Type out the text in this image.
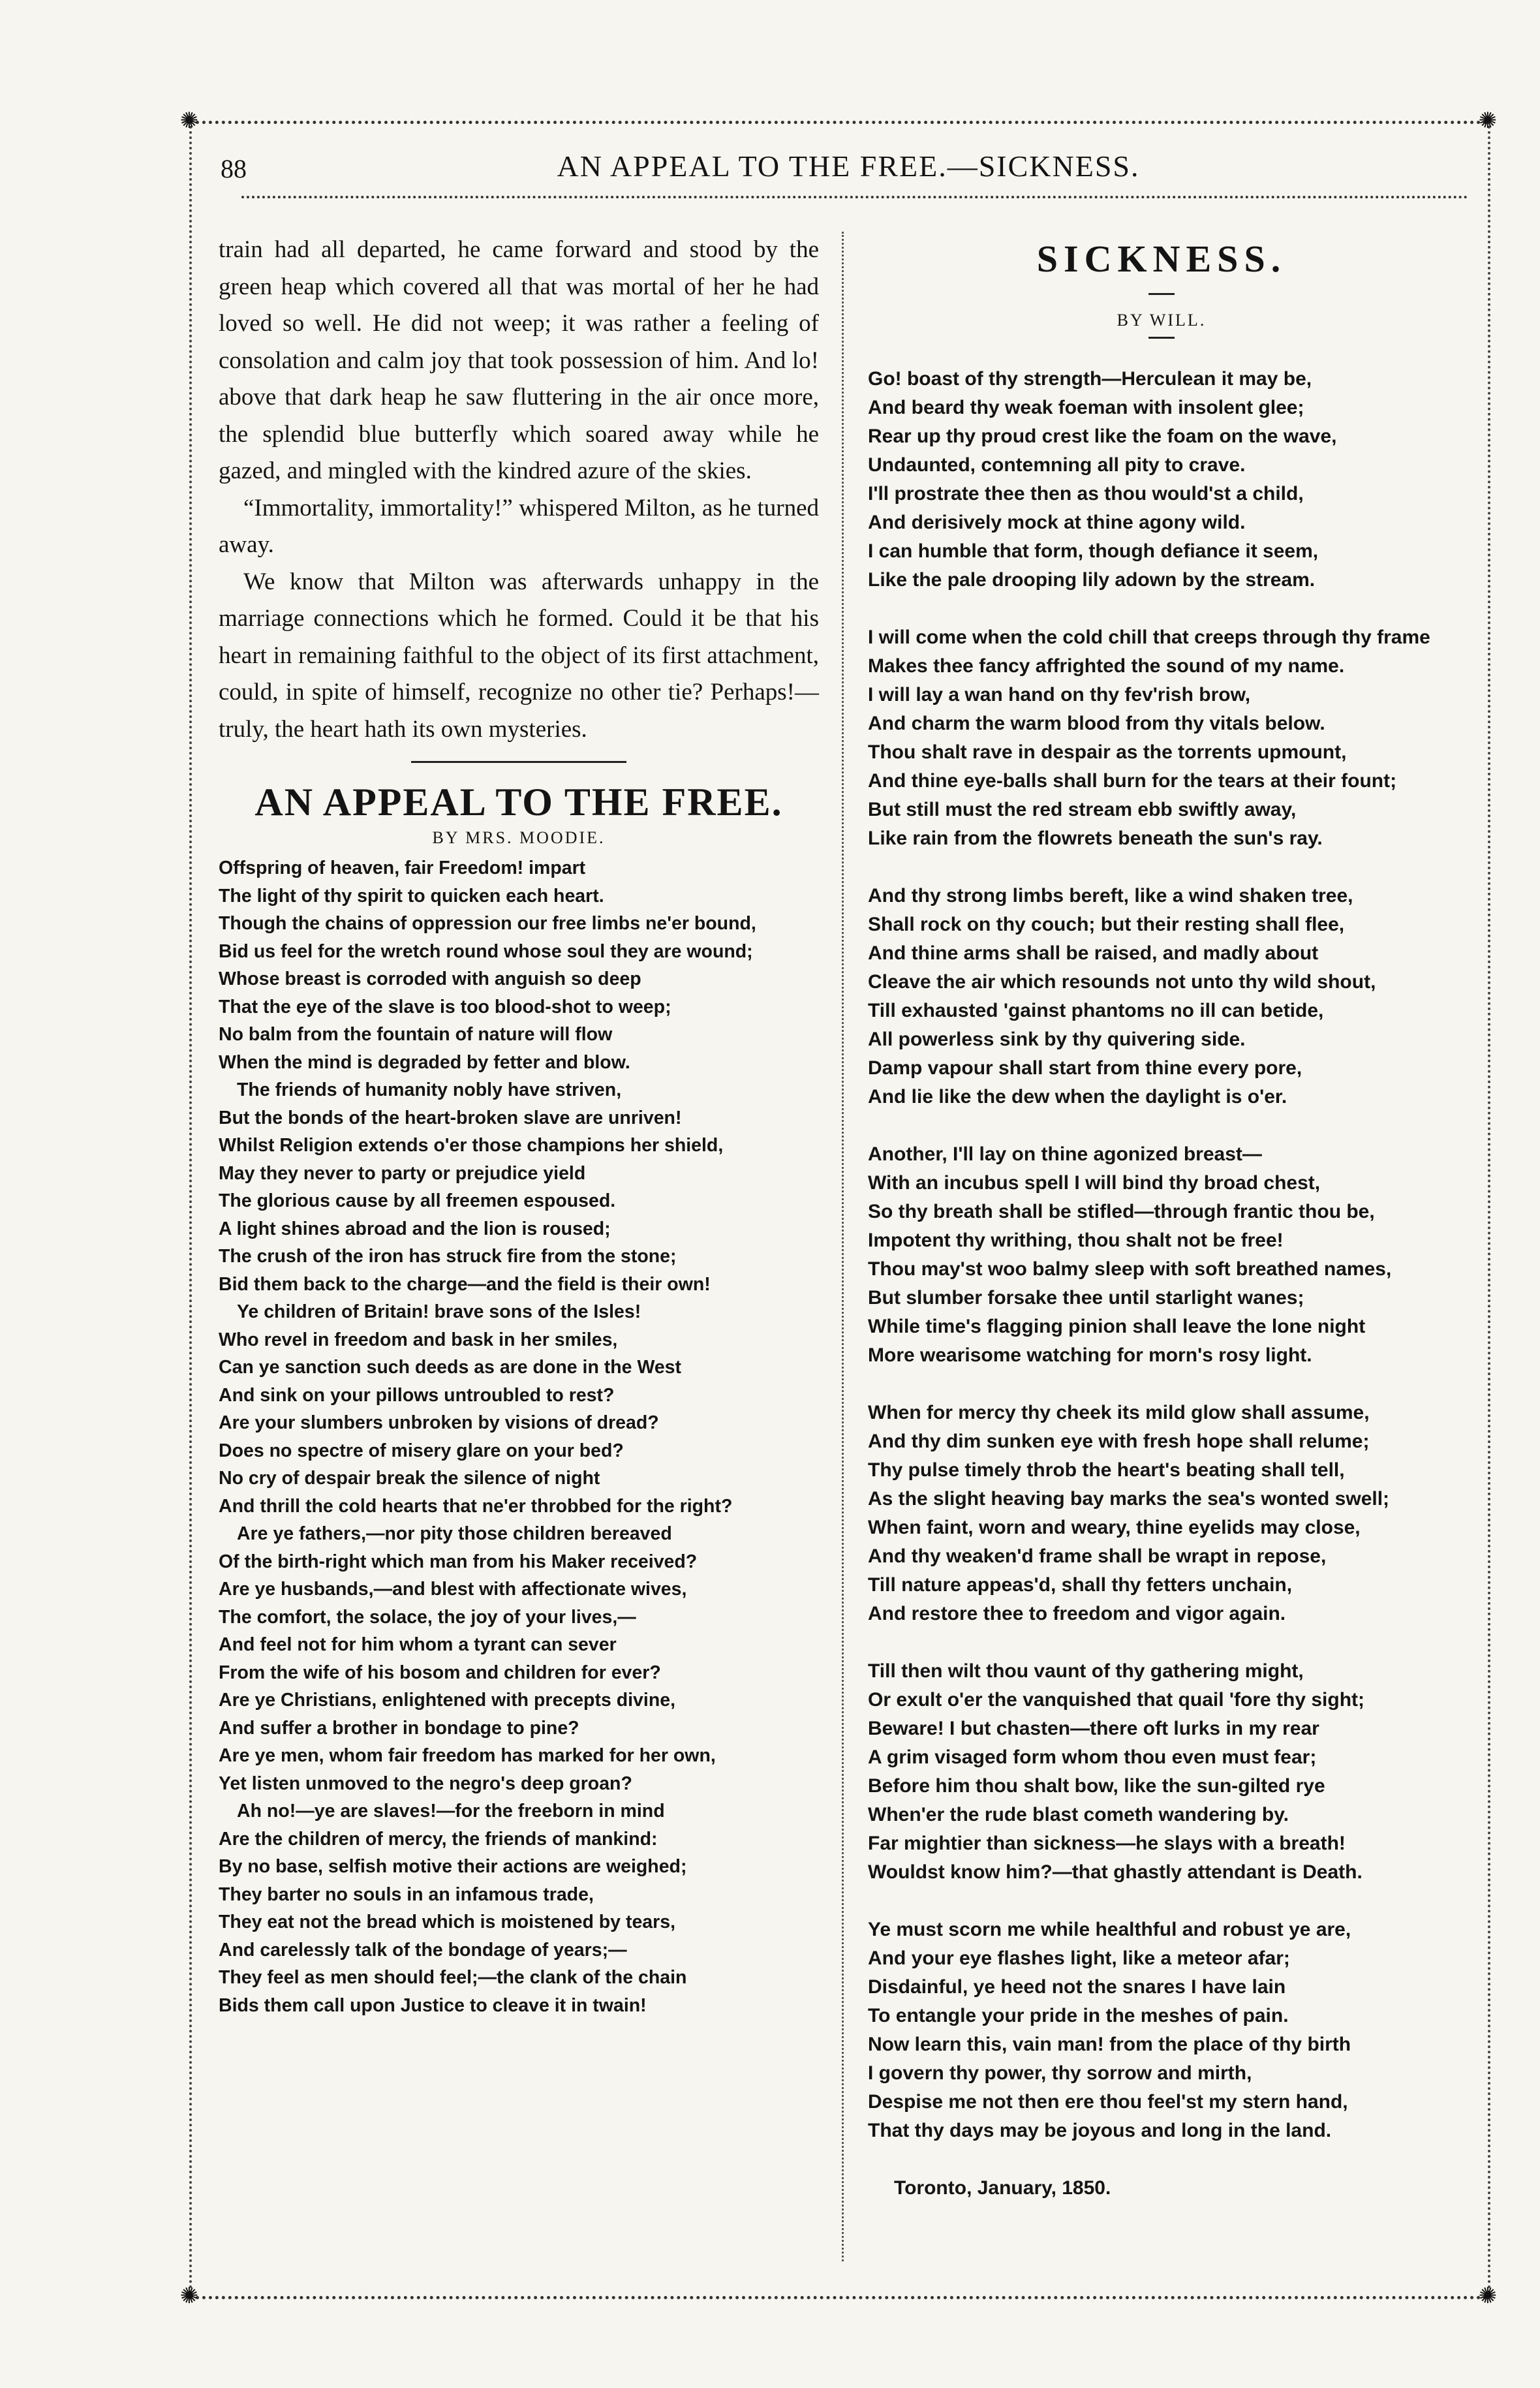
✺	✺
✺	✺
88	AN APPEAL TO THE FREE.—SICKNESS.

train had all departed, he came forward and stood by the green heap which covered all that was mortal of her he had loved so well. He did not weep; it was rather a feeling of consolation and calm joy that took possession of him. And lo! above that dark heap he saw fluttering in the air once more, the splendid blue butterfly which soared away while he gazed, and mingled with the kindred azure of the skies.

“Immortality, immortality!” whispered Milton, as he turned away.

We know that Milton was afterwards unhappy in the marriage connections which he formed. Could it be that his heart in remaining faithful to the object of its first attachment, could, in spite of himself, recognize no other tie? Perhaps!—truly, the heart hath its own mysteries.

AN APPEAL TO THE FREE.
BY MRS. MOODIE.
Offspring of heaven, fair Freedom! impart
The light of thy spirit to quicken each heart.
Though the chains of oppression our free limbs ne'er bound,
Bid us feel for the wretch round whose soul they are wound;
Whose breast is corroded with anguish so deep
That the eye of the slave is too blood-shot to weep;
No balm from the fountain of nature will flow
When the mind is degraded by fetter and blow.
The friends of humanity nobly have striven,
But the bonds of the heart-broken slave are unriven!
Whilst Religion extends o'er those champions her shield,
May they never to party or prejudice yield
The glorious cause by all freemen espoused.
A light shines abroad and the lion is roused;
The crush of the iron has struck fire from the stone;
Bid them back to the charge—and the field is their own!
Ye children of Britain! brave sons of the Isles!
Who revel in freedom and bask in her smiles,
Can ye sanction such deeds as are done in the West
And sink on your pillows untroubled to rest?
Are your slumbers unbroken by visions of dread?
Does no spectre of misery glare on your bed?
No cry of despair break the silence of night
And thrill the cold hearts that ne'er throbbed for the right?
Are ye fathers,—nor pity those children bereaved
Of the birth-right which man from his Maker received?
Are ye husbands,—and blest with affectionate wives,
The comfort, the solace, the joy of your lives,—
And feel not for him whom a tyrant can sever
From the wife of his bosom and children for ever?
Are ye Christians, enlightened with precepts divine,
And suffer a brother in bondage to pine?
Are ye men, whom fair freedom has marked for her own,
Yet listen unmoved to the negro's deep groan?
Ah no!—ye are slaves!—for the freeborn in mind
Are the children of mercy, the friends of mankind:
By no base, selfish motive their actions are weighed;
They barter no souls in an infamous trade,
They eat not the bread which is moistened by tears,
And carelessly talk of the bondage of years;—
They feel as men should feel;—the clank of the chain
Bids them call upon Justice to cleave it in twain!
SICKNESS.
BY WILL.
Go! boast of thy strength—Herculean it may be,
And beard thy weak foeman with insolent glee;
Rear up thy proud crest like the foam on the wave,
Undaunted, contemning all pity to crave.
I'll prostrate thee then as thou would'st a child,
And derisively mock at thine agony wild.
I can humble that form, though defiance it seem,
Like the pale drooping lily adown by the stream.
I will come when the cold chill that creeps through thy frame
Makes thee fancy affrighted the sound of my name.
I will lay a wan hand on thy fev'rish brow,
And charm the warm blood from thy vitals below.
Thou shalt rave in despair as the torrents upmount,
And thine eye-balls shall burn for the tears at their fount;
But still must the red stream ebb swiftly away,
Like rain from the flowrets beneath the sun's ray.
And thy strong limbs bereft, like a wind shaken tree,
Shall rock on thy couch; but their resting shall flee,
And thine arms shall be raised, and madly about
Cleave the air which resounds not unto thy wild shout,
Till exhausted 'gainst phantoms no ill can betide,
All powerless sink by thy quivering side.
Damp vapour shall start from thine every pore,
And lie like the dew when the daylight is o'er.
Another, I'll lay on thine agonized breast—
With an incubus spell I will bind thy broad chest,
So thy breath shall be stifled—through frantic thou be,
Impotent thy writhing, thou shalt not be free!
Thou may'st woo balmy sleep with soft breathed names,
But slumber forsake thee until starlight wanes;
While time's flagging pinion shall leave the lone night
More wearisome watching for morn's rosy light.
When for mercy thy cheek its mild glow shall assume,
And thy dim sunken eye with fresh hope shall relume;
Thy pulse timely throb the heart's beating shall tell,
As the slight heaving bay marks the sea's wonted swell;
When faint, worn and weary, thine eyelids may close,
And thy weaken'd frame shall be wrapt in repose,
Till nature appeas'd, shall thy fetters unchain,
And restore thee to freedom and vigor again.
Till then wilt thou vaunt of thy gathering might,
Or exult o'er the vanquished that quail 'fore thy sight;
Beware! I but chasten—there oft lurks in my rear
A grim visaged form whom thou even must fear;
Before him thou shalt bow, like the sun-gilted rye
When'er the rude blast cometh wandering by.
Far mightier than sickness—he slays with a breath!
Wouldst know him?—that ghastly attendant is Death.
Ye must scorn me while healthful and robust ye are,
And your eye flashes light, like a meteor afar;
Disdainful, ye heed not the snares I have lain
To entangle your pride in the meshes of pain.
Now learn this, vain man! from the place of thy birth
I govern thy power, thy sorrow and mirth,
Despise me not then ere thou feel'st my stern hand,
That thy days may be joyous and long in the land.
Toronto, January, 1850.
